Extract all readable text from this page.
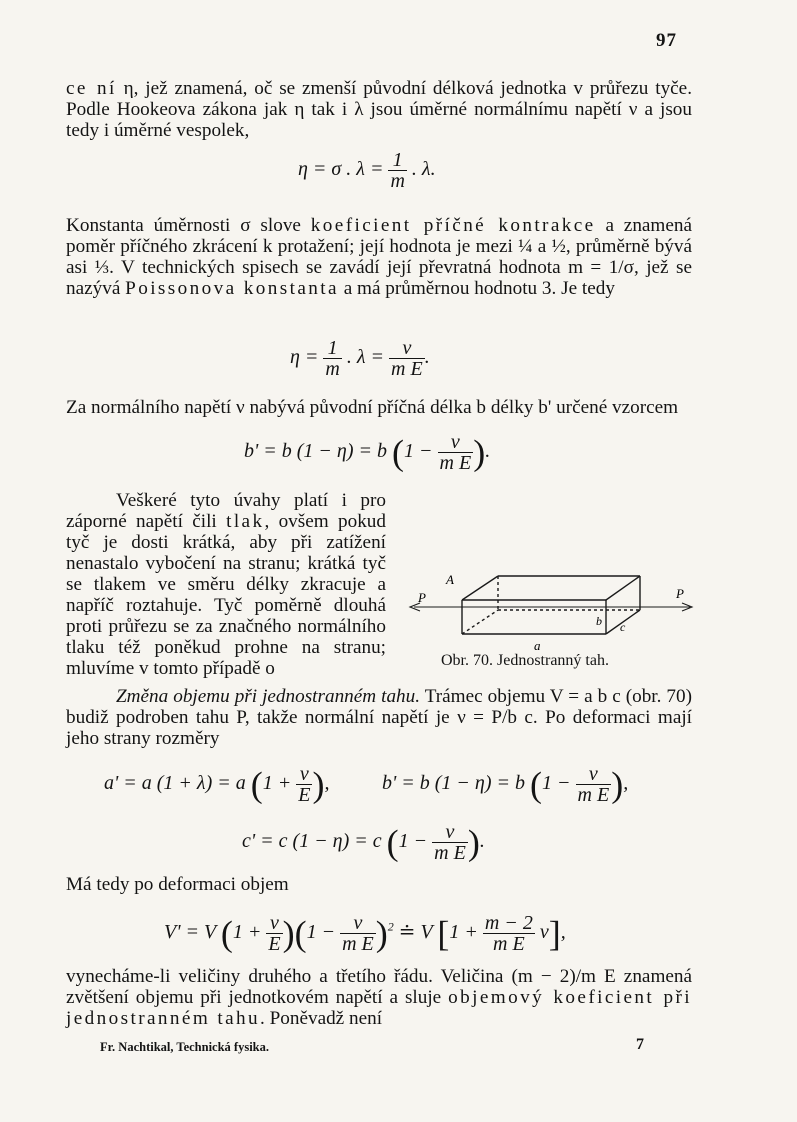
97
ce ní η, jež znamená, oč se zmenší původní délková jednotka v průřezu tyče. Podle Hookeova zákona jak η tak i λ jsou úměrné normálnímu napětí ν a jsou tedy i úměrné vespolek,
η = σ . $\lambda = \frac{1}{m}$ . λ.
Konstanta úměrnosti σ slove koeficient příčné kontrakce a znamená poměr příčného zkrácení k protažení; její hodnota je mezi ¼ a ½, průměrně bývá asi ⅓. V technických spisech se zavádí její převratná hodnota m = 1/σ, jež se nazývá Poissonova konstanta a má průměrnou hodnotu 3. Je tedy
$\eta = \frac{1}{m}$ . $\lambda = \frac{\nu}{\text{m E}}$ .
Za normálního napětí ν nabývá původní příčná délka b délky b' určené vzorcem
b' = b (1 − η) = b ($1 - \frac{\nu}{\text{m E}}$ ).
Veškeré tyto úvahy platí i pro záporné napětí čili tlak, ovšem pokud tyč je dosti krátká, aby při zatížení nenastalo vybočení na stranu; krátká tyč se tlakem ve směru délky zkracuje a napříč roztahuje. Tyč poměrně dlouhá proti průřezu se za značného normálního tlaku též poněkud prohne na stranu; mluvíme v tomto případě o
A
P	P
a
b c
Obr. 70. Jednostranný tah.
Změna objemu při jednostranném tahu. Trámec objemu V = a b c (obr. 70) budiž podroben tahu P, takže normální napětí je ν = P/b c. Po deformaci mají jeho strany rozměry
a' = a (1 + λ) = a ($1 + \frac{\nu}{E}$ ),	b' = b (1 − η) = b ($1 - \frac{\nu}{\text{m E}}$ ),
c' = c (1 − η) = c ($1 - \frac{\nu}{\text{m E}}$ ).
Má tedy po deformaci objem
V' = V $(1 + \frac{\nu}{E} )(1 - \frac{\nu}{\text{m E}} )^2$ ≐ V $[1 + \frac{m - 2}{\text{m E}} \nu]$,
vynecháme-li veličiny druhého a třetího řádu. Veličina (m − 2)/m E znamená zvětšení objemu při jednotkovém napětí a sluje objemový koeficient při jednostranném tahu. Poněvadž není
Fr. Nachtikal, Technická fysika.	7
